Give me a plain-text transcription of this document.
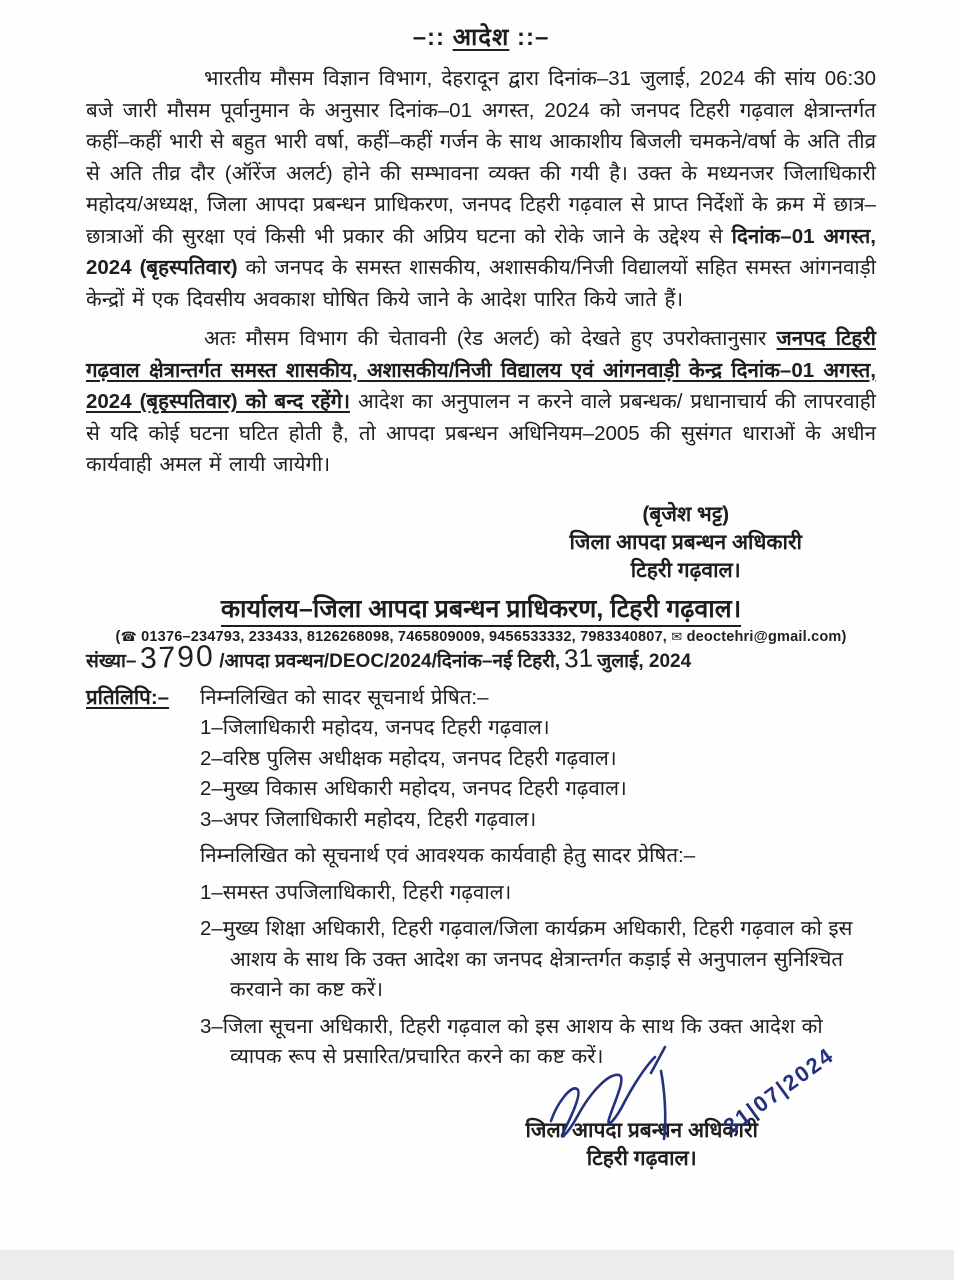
–:: आदेश ::–

भारतीय मौसम विज्ञान विभाग, देहरादून द्वारा दिनांक–31 जुलाई, 2024 की सांय 06:30 बजे जारी मौसम पूर्वानुमान के अनुसार दिनांक–01 अगस्त, 2024 को जनपद टिहरी गढ़वाल क्षेत्रान्तर्गत कहीं–कहीं भारी से बहुत भारी वर्षा, कहीं–कहीं गर्जन के साथ आकाशीय बिजली चमकने/वर्षा के अति तीव्र से अति तीव्र दौर (ऑरेंज अलर्ट) होने की सम्भावना व्यक्त की गयी है। उक्त के मध्यनजर जिलाधिकारी महोदय/अध्यक्ष, जिला आपदा प्रबन्धन प्राधिकरण, जनपद टिहरी गढ़वाल से प्राप्त निर्देशों के क्रम में छात्र–छात्राओं की सुरक्षा एवं किसी भी प्रकार की अप्रिय घटना को रोके जाने के उद्देश्य से दिनांक–01 अगस्त, 2024 (बृहस्पतिवार) को जनपद के समस्त शासकीय, अशासकीय/निजी विद्यालयों सहित समस्त आंगनवाड़ी केन्द्रों में एक दिवसीय अवकाश घोषित किये जाने के आदेश पारित किये जाते हैं।

अतः मौसम विभाग की चेतावनी (रेड अलर्ट) को देखते हुए उपरोक्तानुसार जनपद टिहरी गढ़वाल क्षेत्रान्तर्गत समस्त शासकीय, अशासकीय/निजी विद्यालय एवं आंगनवाड़ी केन्द्र दिनांक–01 अगस्त, 2024 (बृहस्पतिवार) को बन्द रहेंगे। आदेश का अनुपालन न करने वाले प्रबन्धक/ प्रधानाचार्य की लापरवाही से यदि कोई घटना घटित होती है, तो आपदा प्रबन्धन अधिनियम–2005 की सुसंगत धाराओं के अधीन कार्यवाही अमल में लायी जायेगी।

(बृजेश भट्ट)
जिला आपदा प्रबन्धन अधिकारी
टिहरी गढ़वाल।
कार्यालय–जिला आपदा प्रबन्धन प्राधिकरण, टिहरी गढ़वाल।
(☎ 01376–234793, 233433, 8126268098, 7465809009, 9456533332, 7983340807, ✉ deoctehri@gmail.com)
संख्या– 3790 /आपदा प्रवन्धन/DEOC/2024/दिनांक–नई टिहरी, 31 जुलाई, 2024
प्रतिलिपि:–	निम्नलिखित को सादर सूचनार्थ प्रेषित:–
1–जिलाधिकारी महोदय, जनपद टिहरी गढ़वाल।
2–वरिष्ठ पुलिस अधीक्षक महोदय, जनपद टिहरी गढ़वाल।
2–मुख्य विकास अधिकारी महोदय, जनपद टिहरी गढ़वाल।
3–अपर जिलाधिकारी महोदय, टिहरी गढ़वाल।
निम्नलिखित को सूचनार्थ एवं आवश्यक कार्यवाही हेतु सादर प्रेषित:–
1–समस्त उपजिलाधिकारी, टिहरी गढ़वाल।
2–मुख्य शिक्षा अधिकारी, टिहरी गढ़वाल/जिला कार्यक्रम अधिकारी, टिहरी गढ़वाल को इस आशय के साथ कि उक्त आदेश का जनपद क्षेत्रान्तर्गत कड़ाई से अनुपालन सुनिश्चित करवाने का कष्ट करें।
3–जिला सूचना अधिकारी, टिहरी गढ़वाल को इस आशय के साथ कि उक्त आदेश को व्यापक रूप से प्रसारित/प्रचारित करने का कष्ट करें।	31|07|2024
जिला आपदा प्रबन्धन अधिकारी
टिहरी गढ़वाल।
